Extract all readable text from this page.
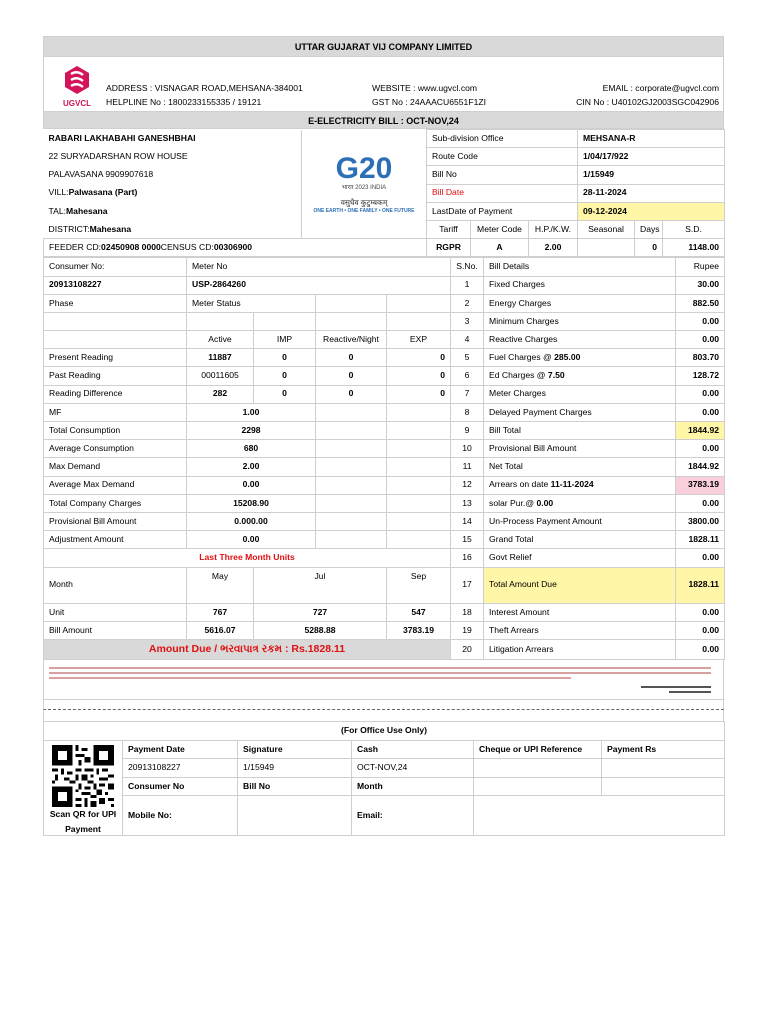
UTTAR GUJARAT VIJ COMPANY LIMITED
UGVCL
ADDRESS : VISNAGAR ROAD,MEHSANA-384001
HELPLINE No : 1800233155335 / 19121
WEBSITE : www.ugvcl.com
GST No : 24AAACU6551F1ZI
EMAIL : corporate@ugvcl.com
CIN No : U40102GJ2003SGC042906
E-ELECTRICITY BILL : OCT-NOV,24
RABARI LAKHABAHI GANESHBHAI	G20
भारत 2023 INDIA
वसुधैव कुटुम्बकम्
ONE EARTH • ONE FAMILY • ONE FUTURE	Sub-division Office			MEHSANA-R		
22 SURYADARSHAN ROW HOUSE		Route Code			1/04/17/922		
PALAVASANA 9909907618		Bill No			1/15949		
VILL:Palwasana (Part)		Bill Date			28-11-2024		
TAL:Mahesana		LastDate of Payment			09-12-2024		
DISTRICT:Mahesana		Tariff	Meter Code	H.P./K.W.	Seasonal	Days	S.D.
FEEDER CD:02450908 0000CENSUS CD:00306900		RGPR	A	2.00		0	1148.00
Consumer No:	Meter No				S.No.	Bill Details	Rupee
20913108227	USP-2864260				1	Fixed Charges	30.00
Phase	Meter Status				2	Energy Charges	882.50
					3	Minimum Charges	0.00
	Active	IMP	Reactive/Night	EXP	4	Reactive Charges	0.00
Present Reading	11887	0	0	0	5	Fuel Charges @ 285.00	803.70
Past Reading	00011605	0	0	0	6	Ed Charges @ 7.50	128.72
Reading Difference	282	0	0	0	7	Meter Charges	0.00
MF	1.00				8	Delayed Payment Charges	0.00
Total Consumption	2298				9	Bill Total	1844.92
Average Consumption	680				10	Provisional Bill Amount	0.00
Max Demand	2.00				11	Net Total	1844.92
Average Max Demand	0.00				12	Arrears on date 11-11-2024	3783.19
Total Company Charges	15208.90				13	solar Pur.@ 0.00	0.00
Provisional Bill Amount	0.000.00				14	Un-Process Payment Amount	3800.00
Adjustment Amount	0.00				15	Grand Total	1828.11
Last Three Month Units					16	Govt Relief	0.00
Month	May	Jul		Sep	17	Total Amount Due	1828.11

Unit	767	727		547	18	Interest Amount	0.00
Bill Amount	5616.07	5288.88		3783.19	19	Theft Arrears	0.00
Amount Due / ભરવાપાત્ર રકમ : Rs.1828.11					20	Litigation Arrears	0.00
(For Office Use Only)					

Scan QR for UPI
Payment	Payment Date	Signature	Cash	Cheque or UPI Reference	Payment Rs
	20913108227	1/15949	OCT-NOV,24		
	Consumer No	Bill No	Month		
	Mobile No:		Email:		
